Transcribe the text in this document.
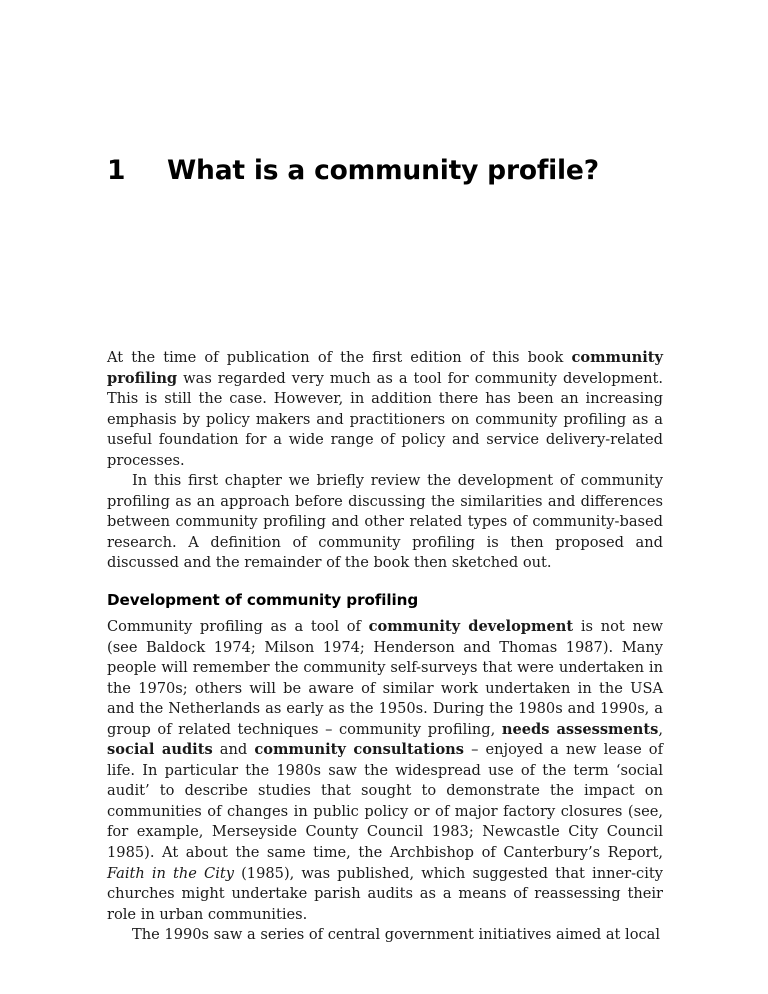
1 What is a community profile?

At the time of publication of the first edition of this book community profiling was regarded very much as a tool for community development. This is still the case. However, in addition there has been an increasing emphasis by policy makers and practitioners on community profiling as a useful foundation for a wide range of policy and service delivery-related processes.

In this first chapter we briefly review the development of community profiling as an approach before discussing the similarities and differences between community profiling and other related types of community-based research. A definition of community profiling is then proposed and discussed and the remainder of the book then sketched out.

Development of community profiling

Community profiling as a tool of community development is not new (see Baldock 1974; Milson 1974; Henderson and Thomas 1987). Many people will remember the community self-surveys that were undertaken in the 1970s; others will be aware of similar work undertaken in the USA and the Netherlands as early as the 1950s. During the 1980s and 1990s, a group of related techniques – community profiling, needs assessments, social audits and community consultations – enjoyed a new lease of life. In particular the 1980s saw the widespread use of the term ‘social audit’ to describe studies that sought to demonstrate the impact on communities of changes in public policy or of major factory closures (see, for example, Merseyside County Council 1983; Newcastle City Council 1985). At about the same time, the Archbishop of Canterbury’s Report, Faith in the City (1985), was published, which suggested that inner-city churches might undertake parish audits as a means of reassessing their role in urban communities.

The 1990s saw a series of central government initiatives aimed at local
